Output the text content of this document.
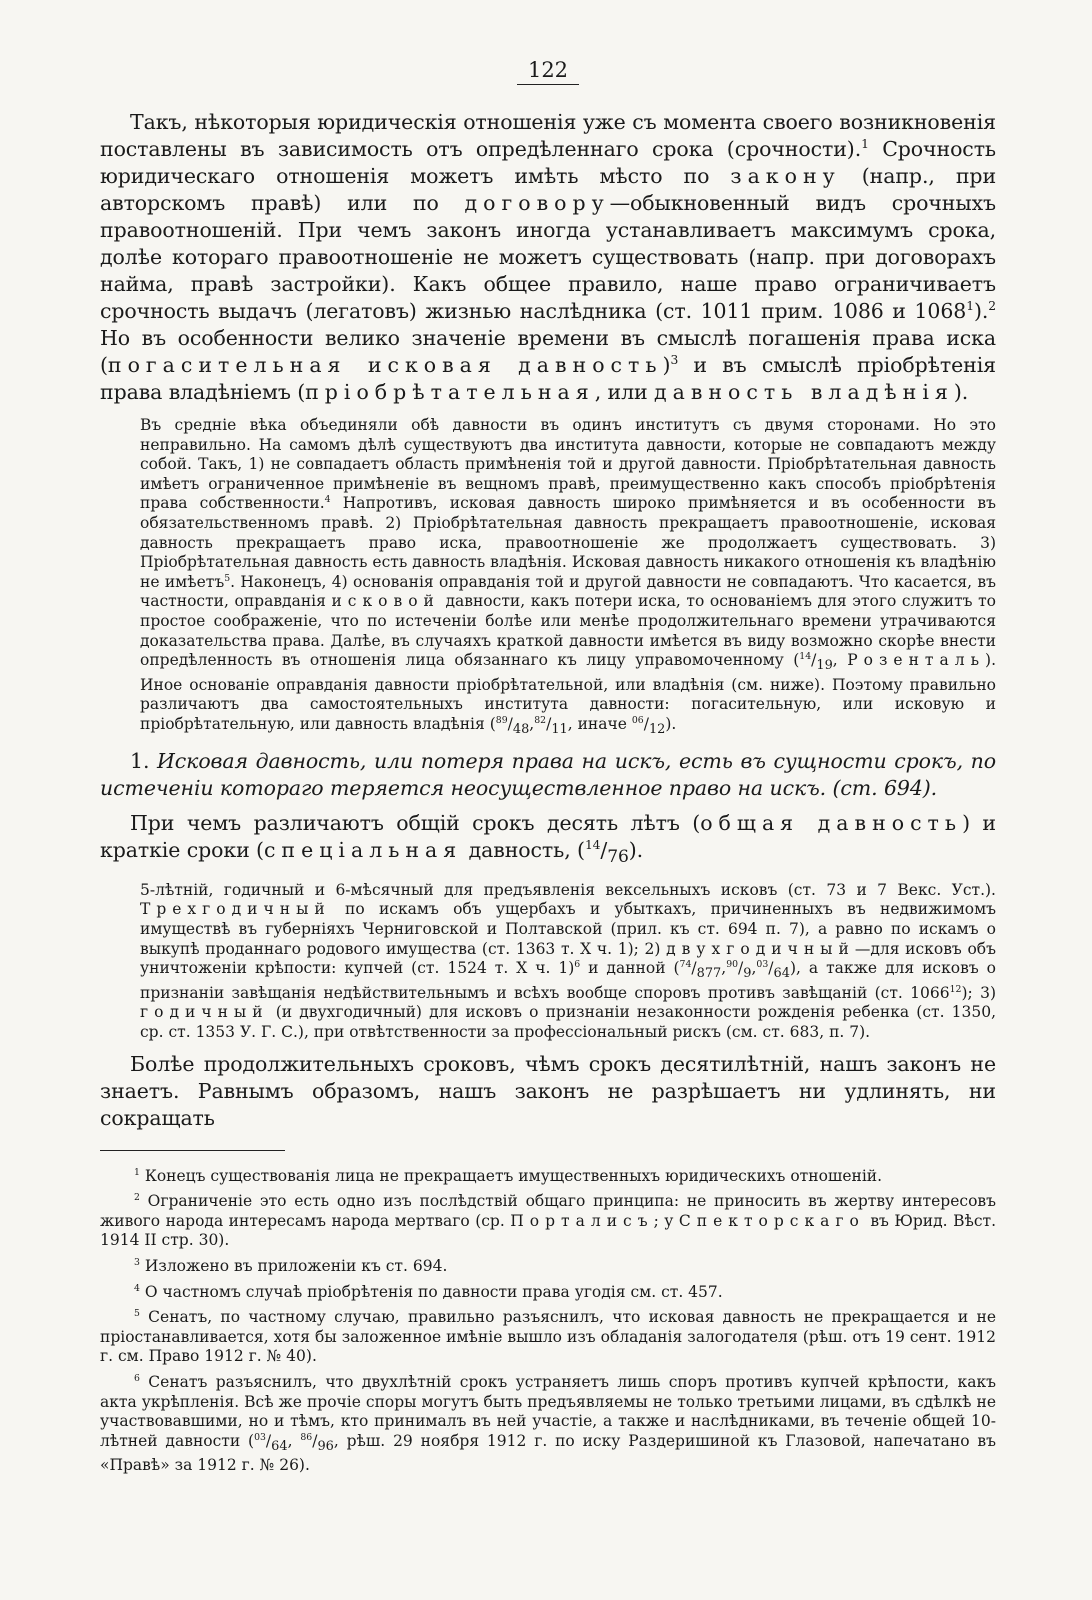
122

Такъ, нѣкоторыя юридическія отношенія уже съ момента своего возникновенія поставлены въ зависимость отъ опредѣленнаго срока (срочности).$^1$ Срочность юридическаго отношенія можетъ имѣть мѣсто по закону (напр., при авторскомъ правѣ) или по договору—обыкновенный видъ срочныхъ правоотношеній. При чемъ законъ иногда устанавливаетъ максимумъ срока, долѣе котораго правоотношеніе не можетъ существовать (напр. при договорахъ найма, правѣ застройки). Какъ общее правило, наше право ограничиваетъ срочность выдачъ (легатовъ) жизнью наслѣдника (ст. 1011 прим. 1086 и 1068$^1$).$^2$ Но въ особенности велико значеніе времени въ смыслѣ погашенія права иска (погасительная исковая давность)$^3$ и въ смыслѣ пріобрѣтенія права владѣніемъ (пріобрѣтательная, или давность владѣнія).

Въ средніе вѣка объединяли обѣ давности въ одинъ институтъ съ двумя сторонами. Но это неправильно. На самомъ дѣлѣ существуютъ два института давности, которые не совпадаютъ между собой. Такъ, 1) не совпадаетъ область примѣненія той и другой давности. Пріобрѣтательная давность имѣетъ ограниченное примѣненіе въ вещномъ правѣ, преимущественно какъ способъ пріобрѣтенія права собственности.$^4$ Напротивъ, исковая давность широко примѣняется и въ особенности въ обязательственномъ правѣ. 2) Пріобрѣтательная давность прекращаетъ правоотношеніе, исковая давность прекращаетъ право иска, правоотношеніе же продолжаетъ существовать. 3) Пріобрѣтательная давность есть давность владѣнія. Исковая давность никакого отношенія къ владѣнію не имѣетъ$^5$. Наконецъ, 4) основанія оправданія той и другой давности не совпадаютъ. Что касается, въ частности, оправданія исковой давности, какъ потери иска, то основаніемъ для этого служитъ то простое соображеніе, что по истеченіи болѣе или менѣе продолжительнаго времени утрачиваются доказательства права. Далѣе, въ случаяхъ краткой давности имѣется въ виду возможно скорѣе внести опредѣленность въ отношенія лица обязаннаго къ лицу управомоченному ($^{14}/_{19}$, Розенталь). Иное основаніе оправданія давности пріобрѣтательной, или владѣнія (см. ниже). Поэтому правильно различаютъ два самостоятельныхъ института давности: погасительную, или исковую и пріобрѣтательную, или давность владѣнія ($^{89}/_{48},^{82}/_{11}$, иначе $^{06}/_{12}$).

1. Исковая давность, или потеря права на искъ, есть въ сущности срокъ, по истеченіи котораго теряется неосуществленное право на искъ. (ст. 694).

При чемъ различаютъ общій срокъ десять лѣтъ (общая давность) и краткіе сроки (спеціальная давность, $(^{14}/_{76})$.

5-лѣтній, годичный и 6-мѣсячный для предъявленія вексельныхъ исковъ (ст. 73 и 7 Векс. Уст.). Трехгодичный по искамъ объ ущербахъ и убыткахъ, причиненныхъ въ недвижимомъ имуществѣ въ губерніяхъ Черниговской и Полтавской (прил. къ ст. 694 п. 7), а равно по искамъ о выкупѣ проданнаго родового имущества (ст. 1363 т. X ч. 1); 2) двухгодичный—для исковъ объ уничтоженіи крѣпости: купчей (ст. 1524 т. X ч. 1)$^6$ и данной $(^{74}/_{877},^{90}/_9,^{03}/_{64})$, а также для исковъ о признаніи завѣщанія недѣйствительнымъ и всѣхъ вообще споровъ противъ завѣщаній (ст. 1066$^{12}$); 3) годичный (и двухгодичный) для исковъ о признаніи незаконности рожденія ребенка (ст. 1350, ср. ст. 1353 У. Г. С.), при отвѣтственности за профессіональный рискъ (см. ст. 683, п. 7).

Болѣе продолжительныхъ сроковъ, чѣмъ срокъ десятилѣтній, нашъ законъ не знаетъ. Равнымъ образомъ, нашъ законъ не разрѣшаетъ ни удлинять, ни сокращать

$^1$ Конецъ существованія лица не прекращаетъ имущественныхъ юридическихъ отношеній.

$^2$ Ограниченіе это есть одно изъ послѣдствій общаго принципа: не приносить въ жертву интересовъ живого народа интересамъ народа мертваго (ср. Порталисъ; у Спекторскаго въ Юрид. Вѣст. 1914 II стр. 30).

$^3$ Изложено въ приложеніи къ ст. 694.

$^4$ О частномъ случаѣ пріобрѣтенія по давности права угодія см. ст. 457.

$^5$ Сенатъ, по частному случаю, правильно разъяснилъ, что исковая давность не прекращается и не пріостанавливается, хотя бы заложенное имѣніе вышло изъ обладанія залогодателя (рѣш. отъ 19 сент. 1912 г. см. Право 1912 г. № 40).

$^6$ Сенатъ разъяснилъ, что двухлѣтній срокъ устраняетъ лишь споръ противъ купчей крѣпости, какъ акта укрѣпленія. Всѣ же прочіе споры могутъ быть предъявляемы не только третьими лицами, въ сдѣлкѣ не участвовавшими, но и тѣмъ, кто принималъ въ ней участіе, а также и наслѣдниками, въ теченіе общей 10-лѣтней давности ($^{03}/_{64}$, $^{86}/_{96}$, рѣш. 29 ноября 1912 г. по иску Раздеришиной къ Глазовой, напечатано въ «Правѣ» за 1912 г. № 26).
